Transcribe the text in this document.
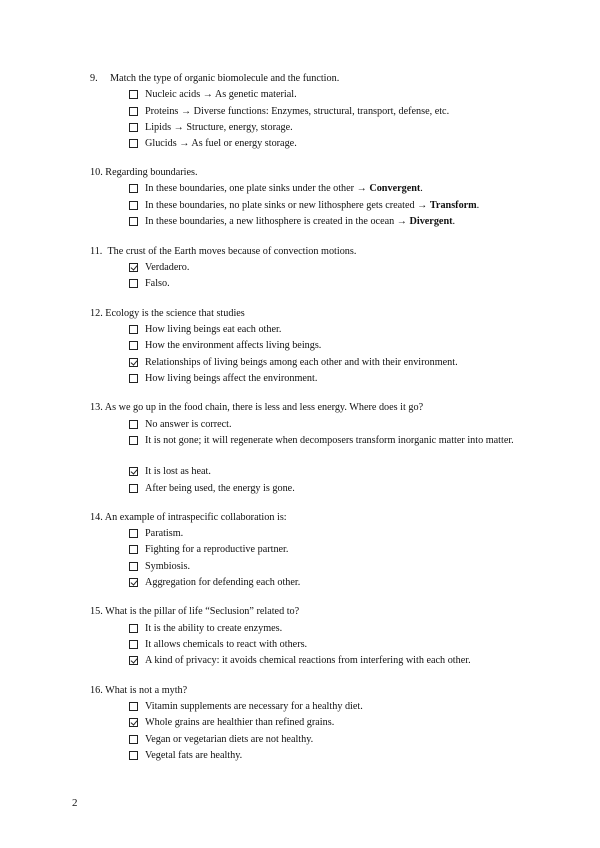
9. Match the type of organic biomolecule and the function.
Nucleic acids → As genetic material.
Proteins → Diverse functions: Enzymes, structural, transport, defense, etc.
Lipids → Structure, energy, storage.
Glucids → As fuel or energy storage.
10. Regarding boundaries.
In these boundaries, one plate sinks under the other → Convergent.
In these boundaries, no plate sinks or new lithosphere gets created → Transform.
In these boundaries, a new lithosphere is created in the ocean → Divergent.
11. The crust of the Earth moves because of convection motions.
Verdadero.
Falso.
12. Ecology is the science that studies
How living beings eat each other.
How the environment affects living beings.
Relationships of living beings among each other and with their environment.
How living beings affect the environment.
13. As we go up in the food chain, there is less and less energy. Where does it go?
No answer is correct.
It is not gone; it will regenerate when decomposers transform inorganic matter into matter.
It is lost as heat.
After being used, the energy is gone.
14. An example of intraspecific collaboration is:
Paratism.
Fighting for a reproductive partner.
Symbiosis.
Aggregation for defending each other.
15. What is the pillar of life “Seclusion” related to?
It is the ability to create enzymes.
It allows chemicals to react with others.
A kind of privacy: it avoids chemical reactions from interfering with each other.
16. What is not a myth?
Vitamin supplements are necessary for a healthy diet.
Whole grains are healthier than refined grains.
Vegan or vegetarian diets are not healthy.
Vegetal fats are healthy.
2
